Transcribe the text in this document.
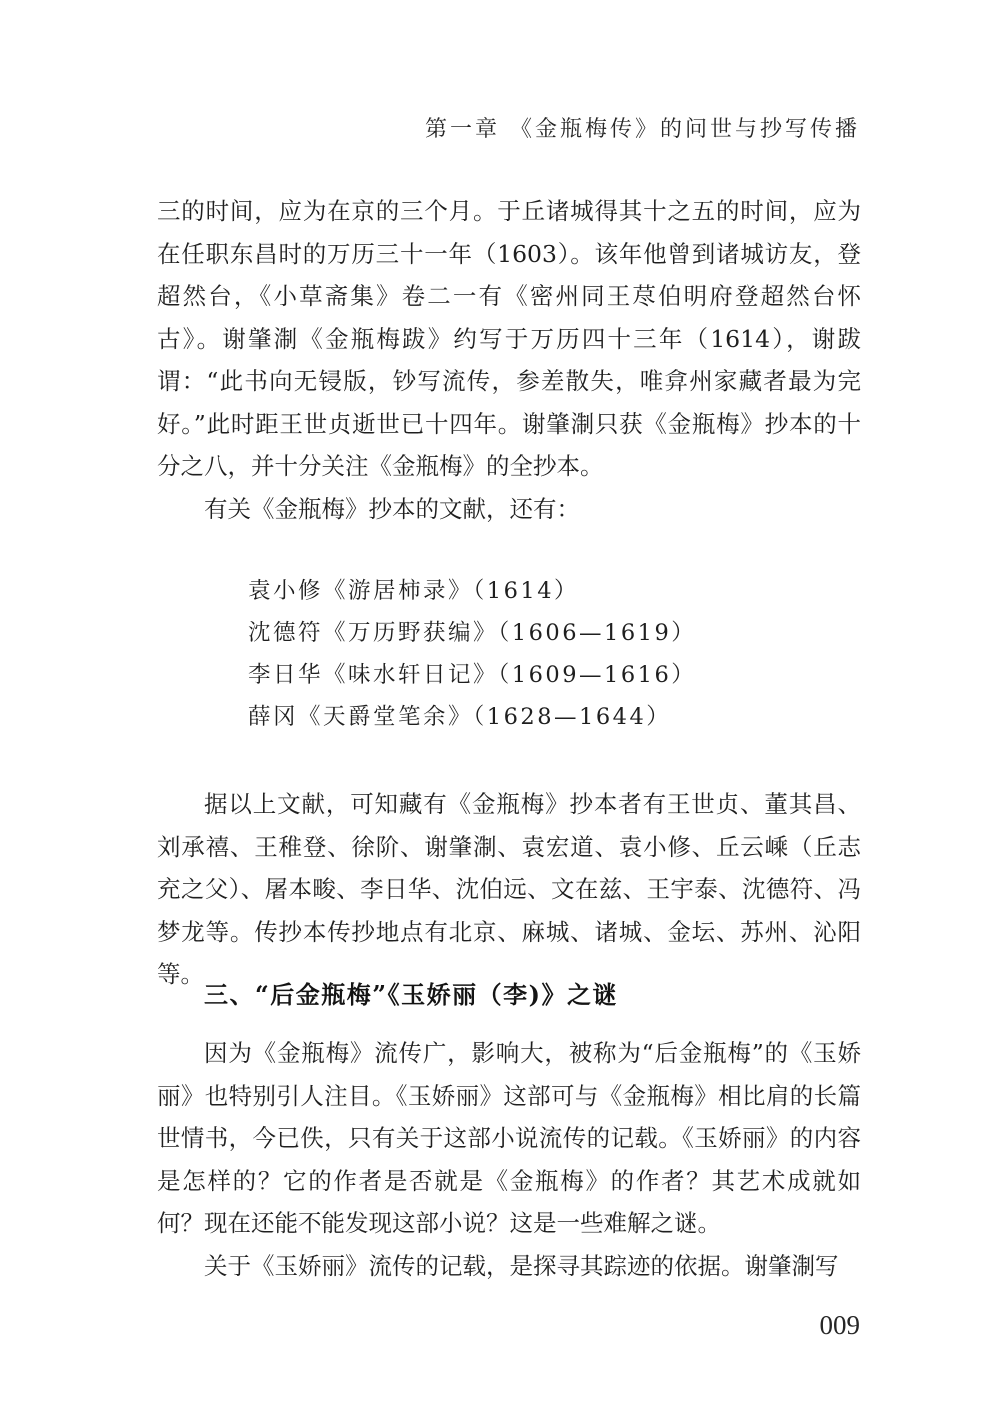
第一章 《金瓶梅传》的问世与抄写传播

三的时间，应为在京的三个月。于丘诸城得其十之五的时间，应为在任职东昌时的万历三十一年（1603）。该年他曾到诸城访友，登超然台，《小草斋集》卷二一有《密州同王荩伯明府登超然台怀古》。谢肇淛《金瓶梅跋》约写于万历四十三年（1614），谢跋谓：“此书向无锓版，钞写流传，参差散失，唯弇州家藏者最为完好。”此时距王世贞逝世已十四年。谢肇淛只获《金瓶梅》抄本的十分之八，并十分关注《金瓶梅》的全抄本。

有关《金瓶梅》抄本的文献，还有：

袁小修《游居柿录》（1614）
沈德符《万历野获编》（1606—1619）
李日华《味水轩日记》（1609—1616）
薛冈《天爵堂笔余》（1628—1644）

据以上文献，可知藏有《金瓶梅》抄本者有王世贞、董其昌、刘承禧、王稚登、徐阶、谢肇淛、袁宏道、袁小修、丘云嵊（丘志充之父）、屠本畯、李日华、沈伯远、文在兹、王宇泰、沈德符、冯梦龙等。传抄本传抄地点有北京、麻城、诸城、金坛、苏州、沁阳等。

三、“后金瓶梅”《玉娇丽（李)》之谜

因为《金瓶梅》流传广，影响大，被称为“后金瓶梅”的《玉娇丽》也特别引人注目。《玉娇丽》这部可与《金瓶梅》相比肩的长篇世情书，今已佚，只有关于这部小说流传的记载。《玉娇丽》的内容是怎样的？它的作者是否就是《金瓶梅》的作者？其艺术成就如何？现在还能不能发现这部小说？这是一些难解之谜。

关于《玉娇丽》流传的记载，是探寻其踪迹的依据。谢肇淛写

009
